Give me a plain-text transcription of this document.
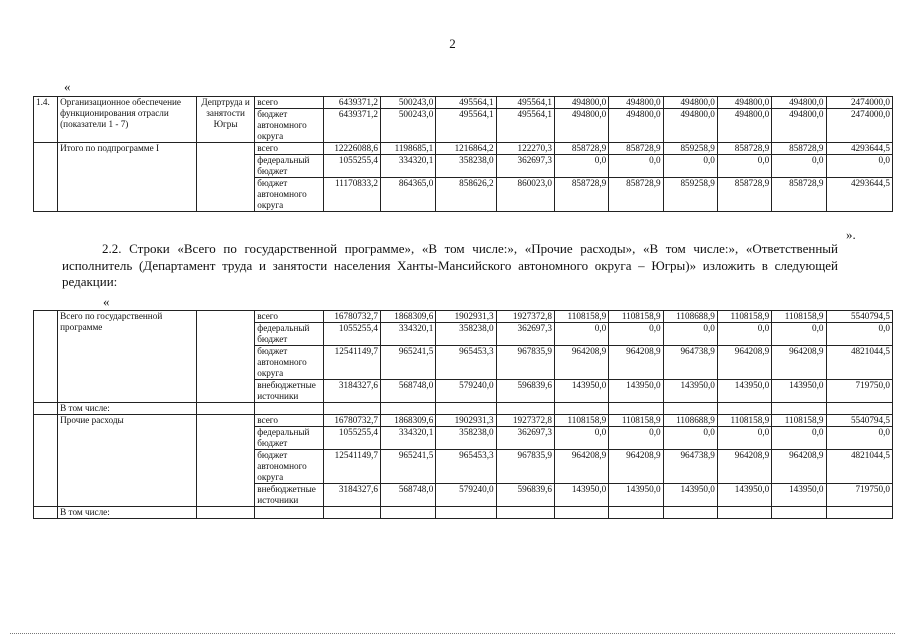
2
«
1.4.	Организационное обеспечение функционирования отрасли (показатели 1 - 7)	Депртруда и занятости Югры	всего	6439371,2	500243,0	495564,1	495564,1	494800,0	494800,0	494800,0	494800,0	494800,0	2474000,0
			бюджет автономного округа	6439371,2	500243,0	495564,1	495564,1	494800,0	494800,0	494800,0	494800,0	494800,0	2474000,0
	Итого по подпрограмме I		всего	12226088,6	1198685,1	1216864,2	122270,3	858728,9	858728,9	859258,9	858728,9	858728,9	4293644,5
			федеральный бюджет	1055255,4	334320,1	358238,0	362697,3	0,0	0,0	0,0	0,0	0,0	0,0
			бюджет автономного округа	11170833,2	864365,0	858626,2	860023,0	858728,9	858728,9	859258,9	858728,9	858728,9	4293644,5
».

2.2. Строки «Всего по государственной программе», «В том числе:», «Прочие расходы», «В том числе:», «Ответственный исполнитель (Департамент труда и занятости населения Ханты-Мансийского автономного округа – Югры)» изложить в следующей редакции:

«
	Всего по государственной программе		всего	16780732,7	1868309,6	1902931,3	1927372,8	1108158,9	1108158,9	1108688,9	1108158,9	1108158,9	5540794,5
			федеральный бюджет	1055255,4	334320,1	358238,0	362697,3	0,0	0,0	0,0	0,0	0,0	0,0
			бюджет автономного округа	12541149,7	965241,5	965453,3	967835,9	964208,9	964208,9	964738,9	964208,9	964208,9	4821044,5
			внебюджетные источники	3184327,6	568748,0	579240,0	596839,6	143950,0	143950,0	143950,0	143950,0	143950,0	719750,0
	В том числе:												
	Прочие расходы		всего	16780732,7	1868309,6	1902931,3	1927372,8	1108158,9	1108158,9	1108688,9	1108158,9	1108158,9	5540794,5
			федеральный бюджет	1055255,4	334320,1	358238,0	362697,3	0,0	0,0	0,0	0,0	0,0	0,0
			бюджет автономного округа	12541149,7	965241,5	965453,3	967835,9	964208,9	964208,9	964738,9	964208,9	964208,9	4821044,5
			внебюджетные источники	3184327,6	568748,0	579240,0	596839,6	143950,0	143950,0	143950,0	143950,0	143950,0	719750,0
	В том числе:												
